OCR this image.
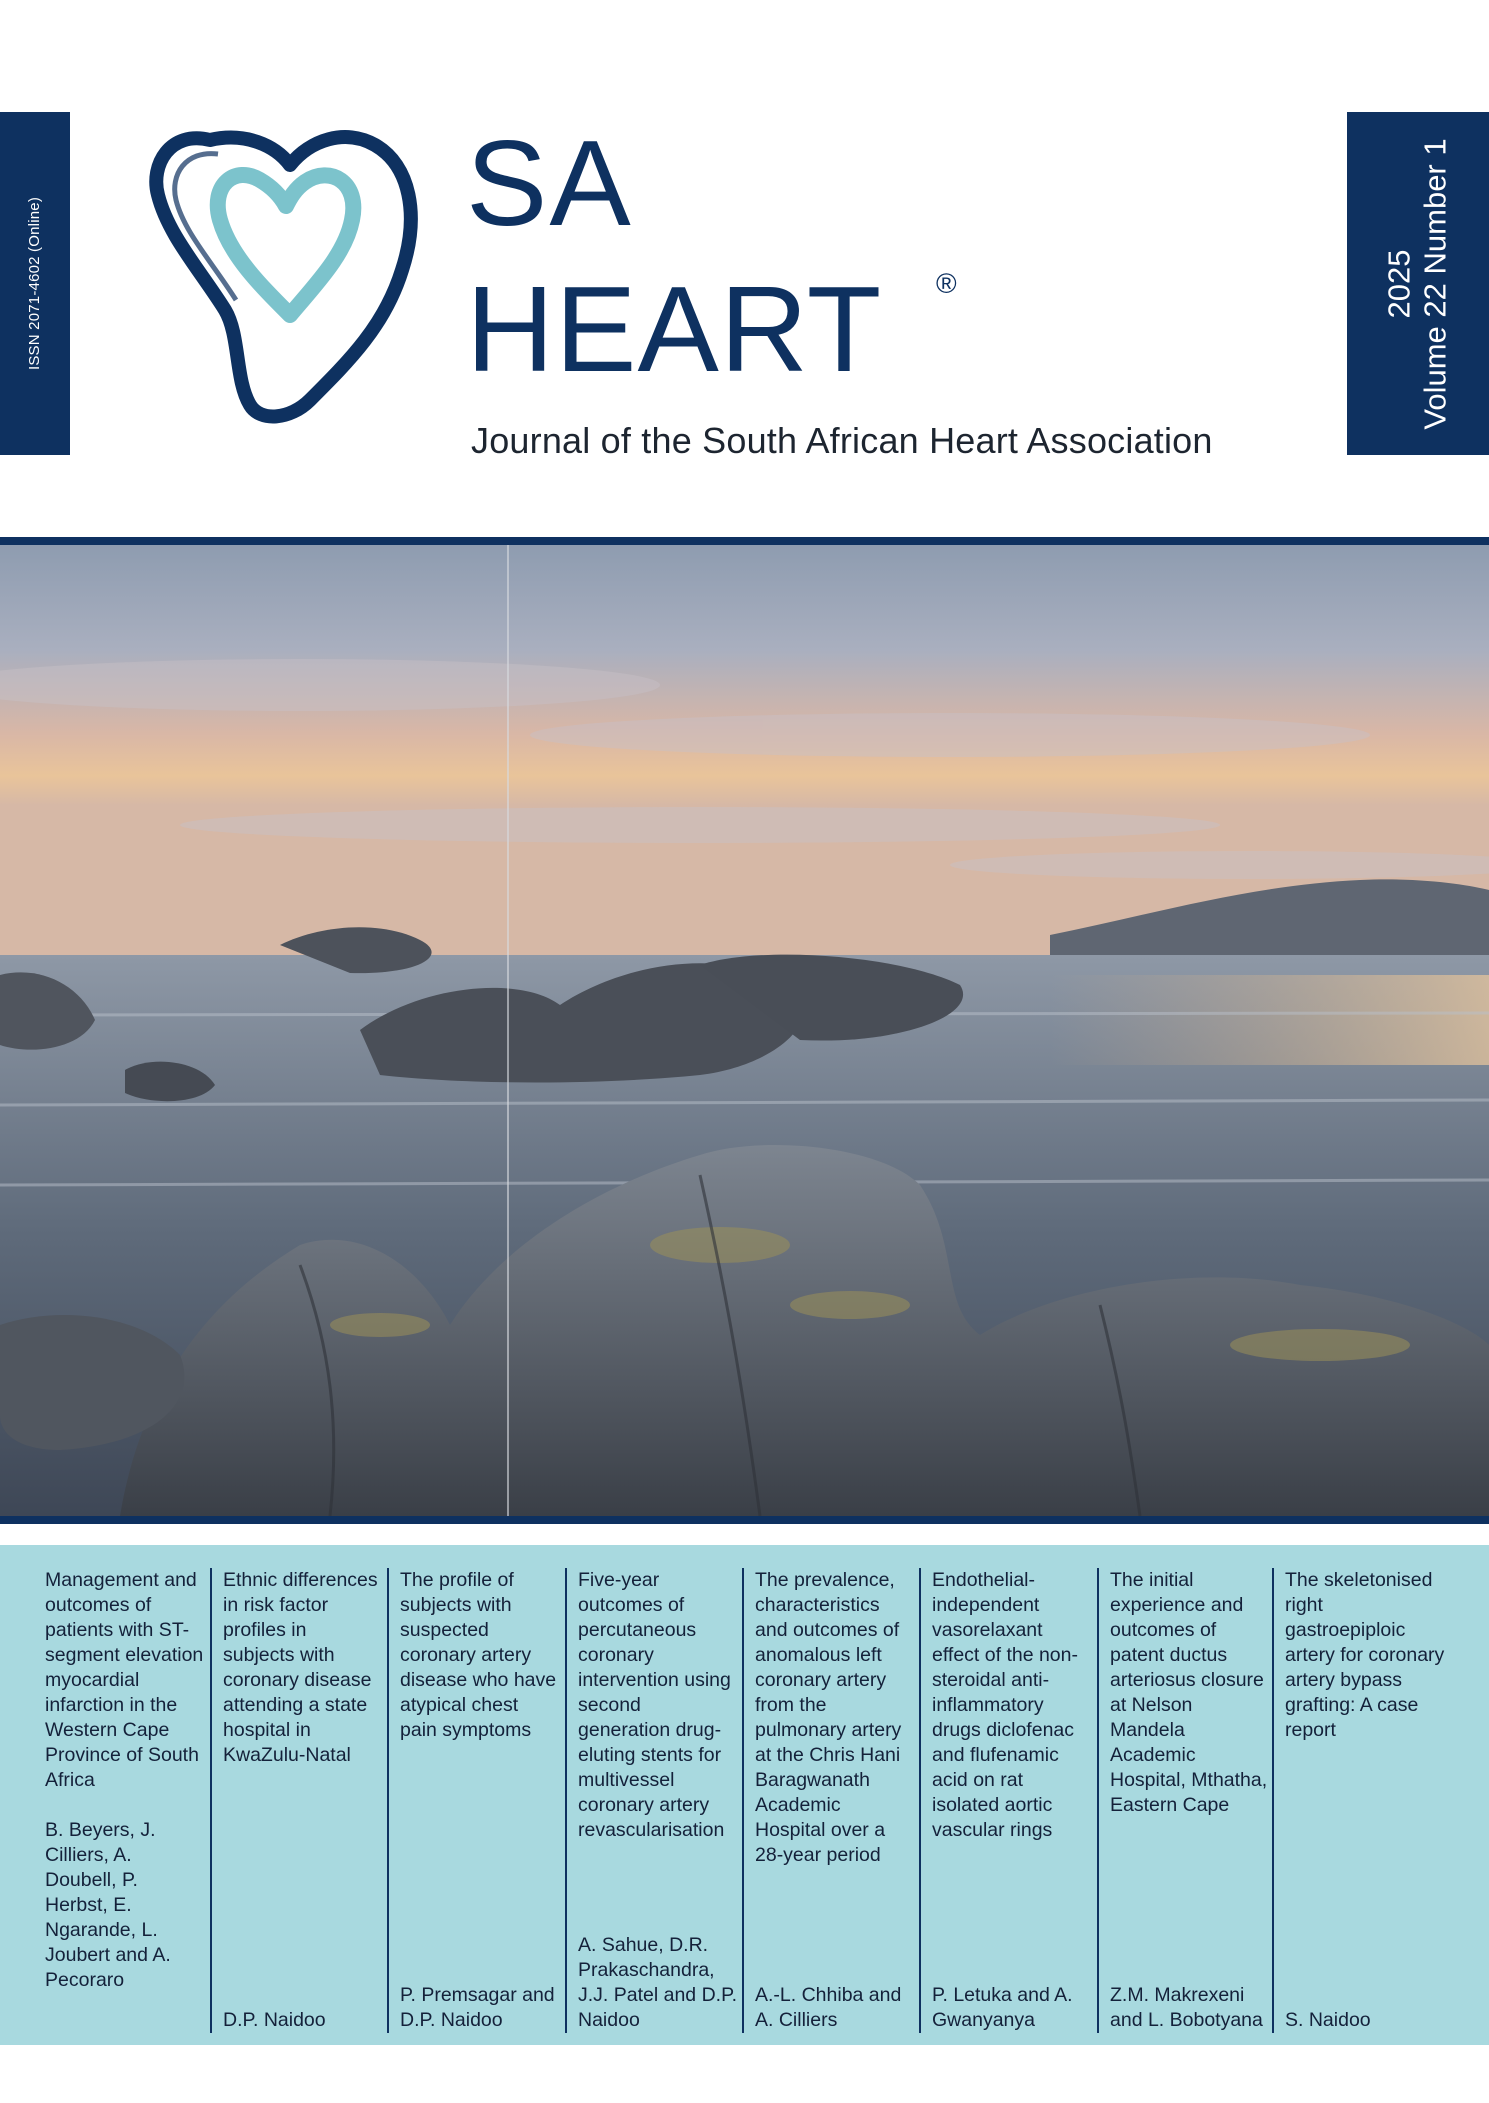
ISSN 2071-4602 (Online)
SA
HEART ®
Journal of the South African Heart Association
2025 Volume 22 Number 1
Management and outcomes of patients with ST-segment elevation myocardial infarction in the Western Cape Province of South Africa
B. Beyers, J. Cilliers, A. Doubell, P. Herbst, E. Ngarande, L. Joubert and A. Pecoraro
Ethnic differences in risk factor profiles in subjects with coronary disease attending a state hospital in KwaZulu-Natal
D.P. Naidoo
The profile of subjects with suspected coronary artery disease who have atypical chest pain symptoms
P. Premsagar and D.P. Naidoo
Five-year outcomes of percutaneous coronary intervention using second generation drug-eluting stents for multivessel coronary artery revascularisation
A. Sahue, D.R. Prakaschandra, J.J. Patel and D.P. Naidoo
The prevalence, characteristics and outcomes of anomalous left coronary artery from the pulmonary artery at the Chris Hani Baragwanath Academic Hospital over a 28-year period
A.-L. Chhiba and A. Cilliers
Endothelial-independent vasorelaxant effect of the non-steroidal anti-inflammatory drugs diclofenac and flufenamic acid on rat isolated aortic vascular rings
P. Letuka and A. Gwanyanya
The initial experience and outcomes of patent ductus arteriosus closure at Nelson Mandela Academic Hospital, Mthatha, Eastern Cape
Z.M. Makrexeni and L. Bobotyana
The skeletonised right gastroepiploic artery for coronary artery bypass grafting: A case report
S. Naidoo
